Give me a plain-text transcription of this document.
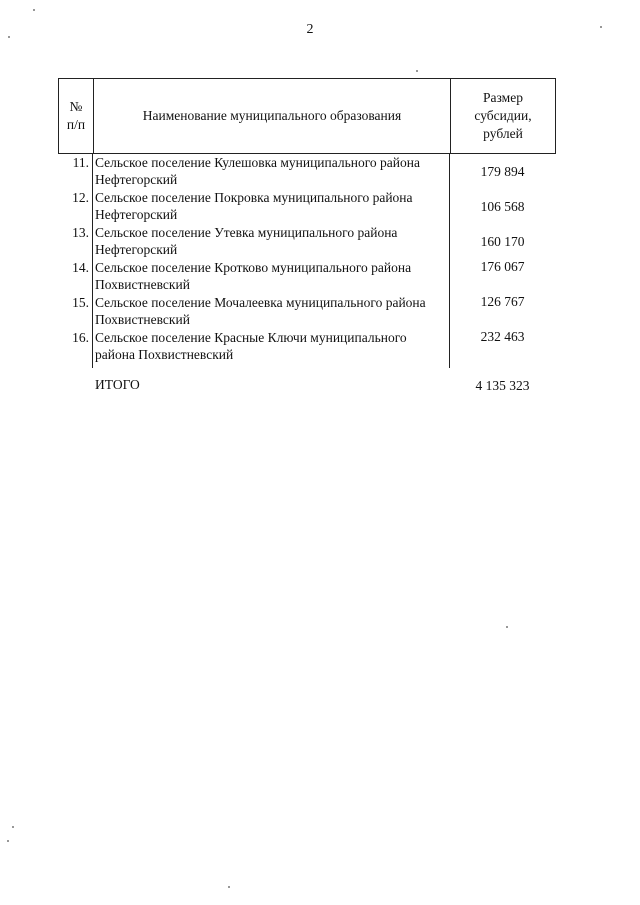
2
№ п/п
Наименование муниципального образования
Размер субсидии, рублей
11. Сельское поселение Кулешовка муниципального района Нефтегорский
179 894
12. Сельское поселение Покровка муниципального района Нефтегорский
106 568
13. Сельское поселение Утевка муниципального района Нефтегорский
160 170
14. Сельское поселение Кротково муниципального района Похвистневский
176 067
15. Сельское поселение Мочалеевка муниципального района Похвистневский
126 767
16. Сельское поселение Красные Ключи муниципального района Похвистневский
232 463
ИТОГО	4 135 323
